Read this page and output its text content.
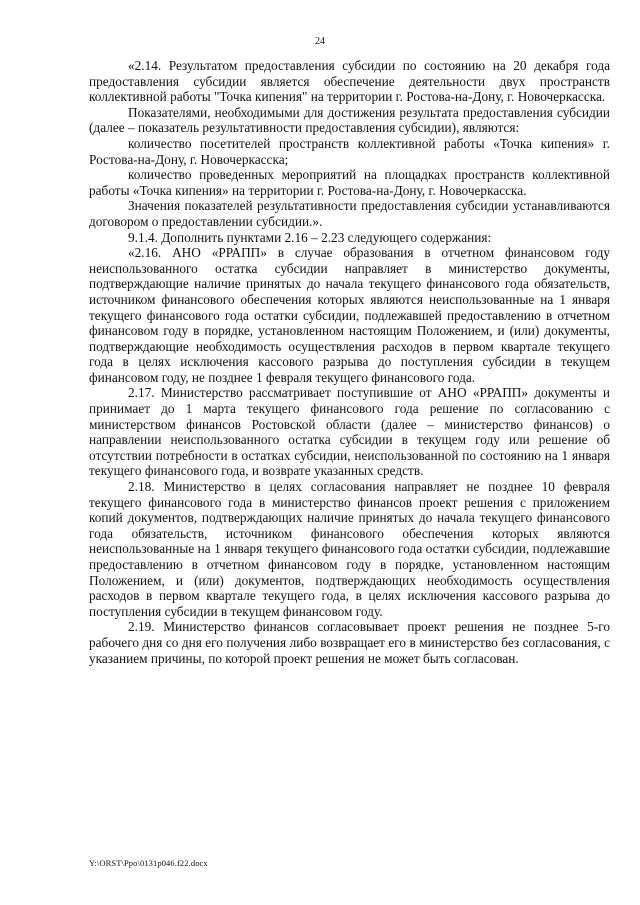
24

«2.14. Результатом предоставления субсидии по состоянию на 20 декабря года предоставления субсидии является обеспечение деятельности двух пространств коллективной работы "Точка кипения" на территории г. Ростова-на-Дону, г. Новочеркасска.

Показателями, необходимыми для достижения результата предоставления субсидии (далее – показатель результативности предоставления субсидии), являются:

количество посетителей пространств коллективной работы «Точка кипения» г. Ростова-на-Дону, г. Новочеркасска;

количество проведенных мероприятий на площадках пространств коллективной работы «Точка кипения» на территории г. Ростова-на-Дону, г. Новочеркасска.

Значения показателей результативности предоставления субсидии устанавливаются договором о предоставлении субсидии.».

9.1.4. Дополнить пунктами 2.16 – 2.23 следующего содержания:

«2.16. АНО «РРАПП» в случае образования в отчетном финансовом году неиспользованного остатка субсидии направляет в министерство документы, подтверждающие наличие принятых до начала текущего финансового года обязательств, источником финансового обеспечения которых являются неиспользованные на 1 января текущего финансового года остатки субсидии, подлежавшей предоставлению в отчетном финансовом году в порядке, установленном настоящим Положением, и (или) документы, подтверждающие необходимость осуществления расходов в первом квартале текущего года в целях исключения кассового разрыва до поступления субсидии в текущем финансовом году, не позднее 1 февраля текущего финансового года.

2.17. Министерство рассматривает поступившие от АНО «РРАПП» документы и принимает до 1 марта текущего финансового года решение по согласованию с министерством финансов Ростовской области (далее – министерство финансов) о направлении неиспользованного остатка субсидии в текущем году или решение об отсутствии потребности в остатках субсидии, неиспользованной по состоянию на 1 января текущего финансового года, и возврате указанных средств.

2.18. Министерство в целях согласования направляет не позднее 10 февраля текущего финансового года в министерство финансов проект решения с приложением копий документов, подтверждающих наличие принятых до начала текущего финансового года обязательств, источником финансового обеспечения которых являются неиспользованные на 1 января текущего финансового года остатки субсидии, подлежавшие предоставлению в отчетном финансовом году в порядке, установленном настоящим Положением, и (или) документов, подтверждающих необходимость осуществления расходов в первом квартале текущего года, в целях исключения кассового разрыва до поступления субсидии в текущем финансовом году.

2.19. Министерство финансов согласовывает проект решения не позднее 5-го рабочего дня со дня его получения либо возвращает его в министерство без согласования, с указанием причины, по которой проект решения не может быть согласован.

Y:\ORST\Ppo\0131p046.f22.docx
